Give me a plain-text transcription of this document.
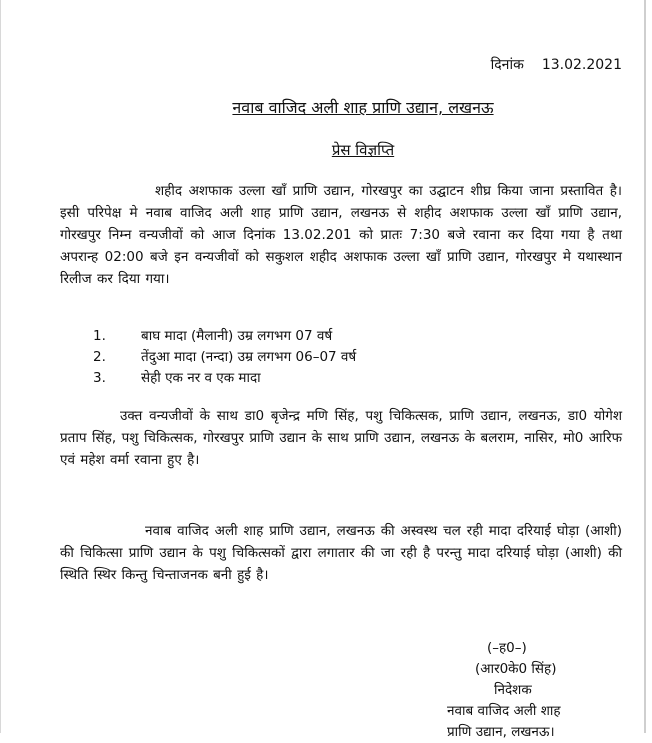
दिनांक 13.02.2021
नवाब वाजिद अली शाह प्राणि उद्यान, लखनऊ
प्रेस विज्ञप्ति
शहीद अशफाक उल्ला खाँ प्राणि उद्यान, गोरखपुर का उद्घाटन शीघ्र किया जाना प्रस्तावित है। इसी परिपेक्ष मे नवाब वाजिद अली शाह प्राणि उद्यान, लखनऊ से शहीद अशफाक उल्ला खाँ प्राणि उद्यान, गोरखपुर निम्न वन्यजीवों को आज दिनांक 13.02.201 को प्रातः 7:30 बजे रवाना कर दिया गया है तथा अपरान्ह 02:00 बजे इन वन्यजीवों को सकुशल शहीद अशफाक उल्ला खाँ प्राणि उद्यान, गोरखपुर मे यथास्थान रिलीज कर दिया गया।
1.	बाघ मादा (मैलानी) उम्र लगभग 07 वर्ष
2.	तेंदुआ मादा (नन्दा) उम्र लगभग 06–07 वर्ष
3.	सेही एक नर व एक मादा
उक्त वन्यजीवों के साथ डा0 बृजेन्द्र मणि सिंह, पशु चिकित्सक, प्राणि उद्यान, लखनऊ, डा0 योगेश प्रताप सिंह, पशु चिकित्सक, गोरखपुर प्राणि उद्यान के साथ प्राणि उद्यान, लखनऊ के बलराम, नासिर, मो0 आरिफ एवं महेश वर्मा रवाना हुए है।
नवाब वाजिद अली शाह प्राणि उद्यान, लखनऊ की अस्वस्थ चल रही मादा दरियाई घोड़ा (आशी) की चिकित्सा प्राणि उद्यान के पशु चिकित्सकों द्वारा लगातार की जा रही है परन्तु मादा दरियाई घोड़ा (आशी) की स्थिति स्थिर किन्तु चिन्ताजनक बनी हुई है।
(–ह0–)
(आर0के0 सिंह)
निदेशक
नवाब वाजिद अली शाह
प्राणि उद्यान, लखनऊ।
